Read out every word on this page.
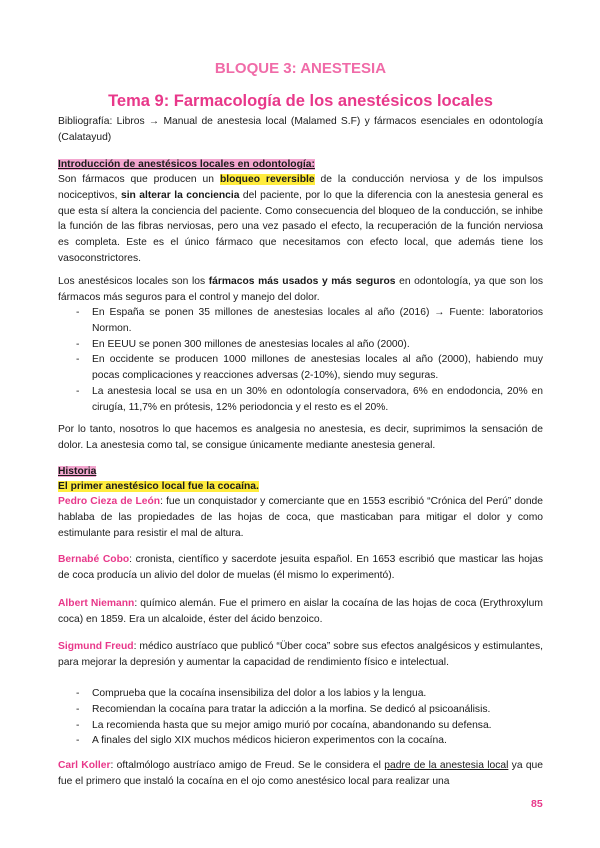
BLOQUE 3: ANESTESIA
Tema 9: Farmacología de los anestésicos locales
Bibliografía: Libros → Manual de anestesia local (Malamed S.F) y fármacos esenciales en odontología (Calatayud)
Introducción de anestésicos locales en odontología:
Son fármacos que producen un bloqueo reversible de la conducción nerviosa y de los impulsos nociceptivos, sin alterar la conciencia del paciente, por lo que la diferencia con la anestesia general es que esta sí altera la conciencia del paciente. Como consecuencia del bloqueo de la conducción, se inhibe la función de las fibras nerviosas, pero una vez pasado el efecto, la recuperación de la función nerviosa es completa. Este es el único fármaco que necesitamos con efecto local, que además tiene los vasoconstrictores.
Los anestésicos locales son los fármacos más usados y más seguros en odontología, ya que son los fármacos más seguros para el control y manejo del dolor.
- En España se ponen 35 millones de anestesias locales al año (2016) → Fuente: laboratorios Normon.
- En EEUU se ponen 300 millones de anestesias locales al año (2000).
- En occidente se producen 1000 millones de anestesias locales al año (2000), habiendo muy pocas complicaciones y reacciones adversas (2-10%), siendo muy seguras.
- La anestesia local se usa en un 30% en odontología conservadora, 6% en endodoncia, 20% en cirugía, 11,7% en prótesis, 12% periodoncia y el resto es el 20%.
Por lo tanto, nosotros lo que hacemos es analgesia no anestesia, es decir, suprimimos la sensación de dolor. La anestesia como tal, se consigue únicamente mediante anestesia general.
Historia
El primer anestésico local fue la cocaína.
Pedro Cieza de León: fue un conquistador y comerciante que en 1553 escribió “Crónica del Perú” donde hablaba de las propiedades de las hojas de coca, que masticaban para mitigar el dolor y como estimulante para resistir el mal de altura.
Bernabé Cobo: cronista, científico y sacerdote jesuita español. En 1653 escribió que masticar las hojas de coca producía un alivio del dolor de muelas (él mismo lo experimentó).
Albert Niemann: químico alemán. Fue el primero en aislar la cocaína de las hojas de coca (Erythroxylum coca) en 1859. Era un alcaloide, éster del ácido benzoico.
Sigmund Freud: médico austríaco que publicó “Über coca” sobre sus efectos analgésicos y estimulantes, para mejorar la depresión y aumentar la capacidad de rendimiento físico e intelectual.
- Comprueba que la cocaína insensibiliza del dolor a los labios y la lengua.
- Recomiendan la cocaína para tratar la adicción a la morfina. Se dedicó al psicoanálisis.
- La recomienda hasta que su mejor amigo murió por cocaína, abandonando su defensa.
- A finales del siglo XIX muchos médicos hicieron experimentos con la cocaína.
Carl Koller: oftalmólogo austríaco amigo de Freud. Se le considera el padre de la anestesia local ya que fue el primero que instaló la cocaína en el ojo como anestésico local para realizar una
85
